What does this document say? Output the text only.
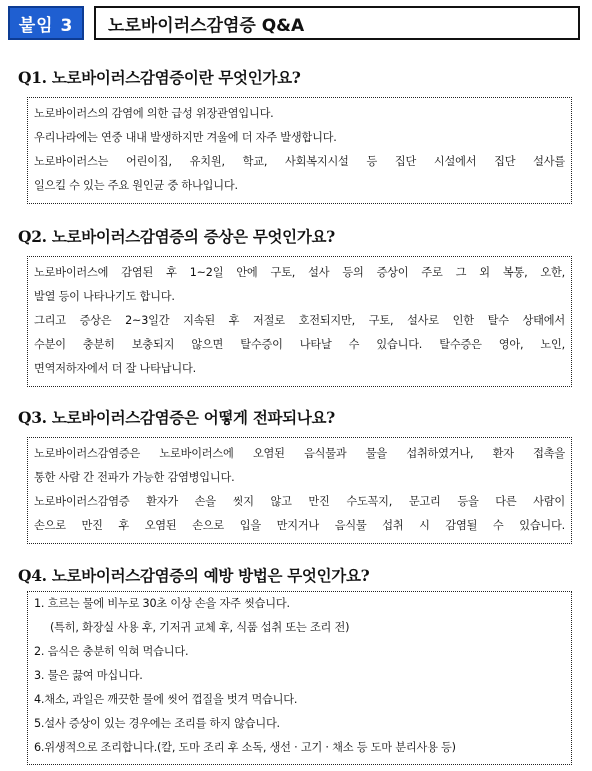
붙임 3	노로바이러스감염증 Q&A
Q1. 노로바이러스감염증이란 무엇인가요?
노로바이러스의 감염에 의한 급성 위장관염입니다.
우리나라에는 연중 내내 발생하지만 겨울에 더 자주 발생합니다.
노로바이러스는 어린이집, 유치원, 학교, 사회복지시설 등 집단 시설에서 집단 설사를
일으킬 수 있는 주요 원인균 중 하나입니다.
Q2. 노로바이러스감염증의 증상은 무엇인가요?
노로바이러스에 감염된 후 1~2일 안에 구토, 설사 등의 증상이 주로 그 외 복통, 오한,
발열 등이 나타나기도 합니다.
그리고 증상은 2~3일간 지속된 후 저절로 호전되지만, 구토, 설사로 인한 탈수 상태에서
수분이 충분히 보충되지 않으면 탈수증이 나타날 수 있습니다. 탈수증은 영아, 노인,
면역저하자에서 더 잘 나타납니다.
Q3. 노로바이러스감염증은 어떻게 전파되나요?
노로바이러스감염증은 노로바이러스에 오염된 음식물과 물을 섭취하였거나, 환자 접촉을
통한 사람 간 전파가 가능한 감염병입니다.
노로바이러스감염증 환자가 손을 씻지 않고 만진 수도꼭지, 문고리 등을 다른 사람이
손으로 만진 후 오염된 손으로 입을 만지거나 음식물 섭취 시 감염될 수 있습니다.
Q4. 노로바이러스감염증의 예방 방법은 무엇인가요?
1. 흐르는 물에 비누로 30초 이상 손을 자주 씻습니다.
(특히, 화장실 사용 후, 기저귀 교체 후, 식품 섭취 또는 조리 전)
2. 음식은 충분히 익혀 먹습니다.
3. 물은 끓여 마십니다.
4.채소, 과일은 깨끗한 물에 씻어 껍질을 벗겨 먹습니다.
5.설사 증상이 있는 경우에는 조리를 하지 않습니다.
6.위생적으로 조리합니다.(칼, 도마 조리 후 소독, 생선 · 고기 · 채소 등 도마 분리사용 등)
